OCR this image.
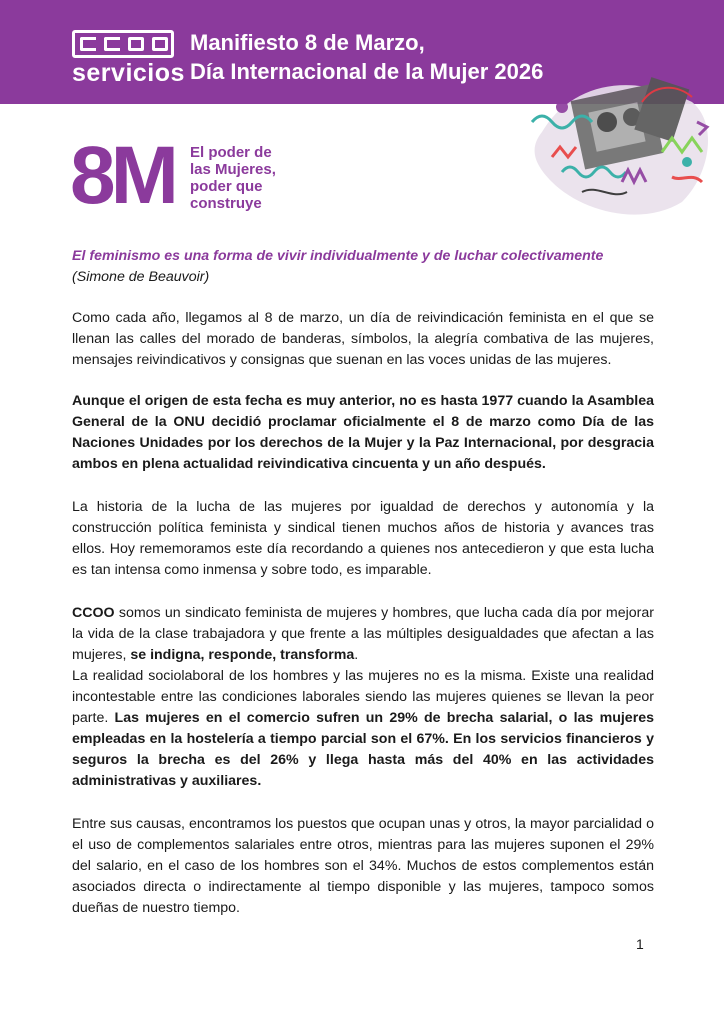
servicios
Manifiesto 8 de Marzo,
Día Internacional de la Mujer 2026
8M El poder de
las Mujeres,
poder que
construye

El feminismo es una forma de vivir individualmente y de luchar colectivamente

(Simone de Beauvoir)

Como cada año, llegamos al 8 de marzo, un día de reivindicación feminista en el que se llenan las calles del morado de banderas, símbolos, la alegría combativa de las mujeres, mensajes reivindicativos y consignas que suenan en las voces unidas de las mujeres.

Aunque el origen de esta fecha es muy anterior, no es hasta 1977 cuando la Asamblea General de la ONU decidió proclamar oficialmente el 8 de marzo como Día de las Naciones Unidades por los derechos de la Mujer y la Paz Internacional, por desgracia ambos en plena actualidad reivindicativa cincuenta y un año después.

La historia de la lucha de las mujeres por igualdad de derechos y autonomía y la construcción política feminista y sindical tienen muchos años de historia y avances tras ellos. Hoy rememoramos este día recordando a quienes nos antecedieron y que esta lucha es tan intensa como inmensa y sobre todo, es imparable.

CCOO somos un sindicato feminista de mujeres y hombres, que lucha cada día por mejorar la vida de la clase trabajadora y que frente a las múltiples desigualdades que afectan a las mujeres, se indigna, responde, transforma.

La realidad sociolaboral de los hombres y las mujeres no es la misma. Existe una realidad incontestable entre las condiciones laborales siendo las mujeres quienes se llevan la peor parte. Las mujeres en el comercio sufren un 29% de brecha salarial, o las mujeres empleadas en la hostelería a tiempo parcial son el 67%. En los servicios financieros y seguros la brecha es del 26% y llega hasta más del 40% en las actividades administrativas y auxiliares.

Entre sus causas, encontramos los puestos que ocupan unas y otros, la mayor parcialidad o el uso de complementos salariales entre otros, mientras para las mujeres suponen el 29% del salario, en el caso de los hombres son el 34%. Muchos de estos complementos están asociados directa o indirectamente al tiempo disponible y las mujeres, tampoco somos dueñas de nuestro tiempo.

1
